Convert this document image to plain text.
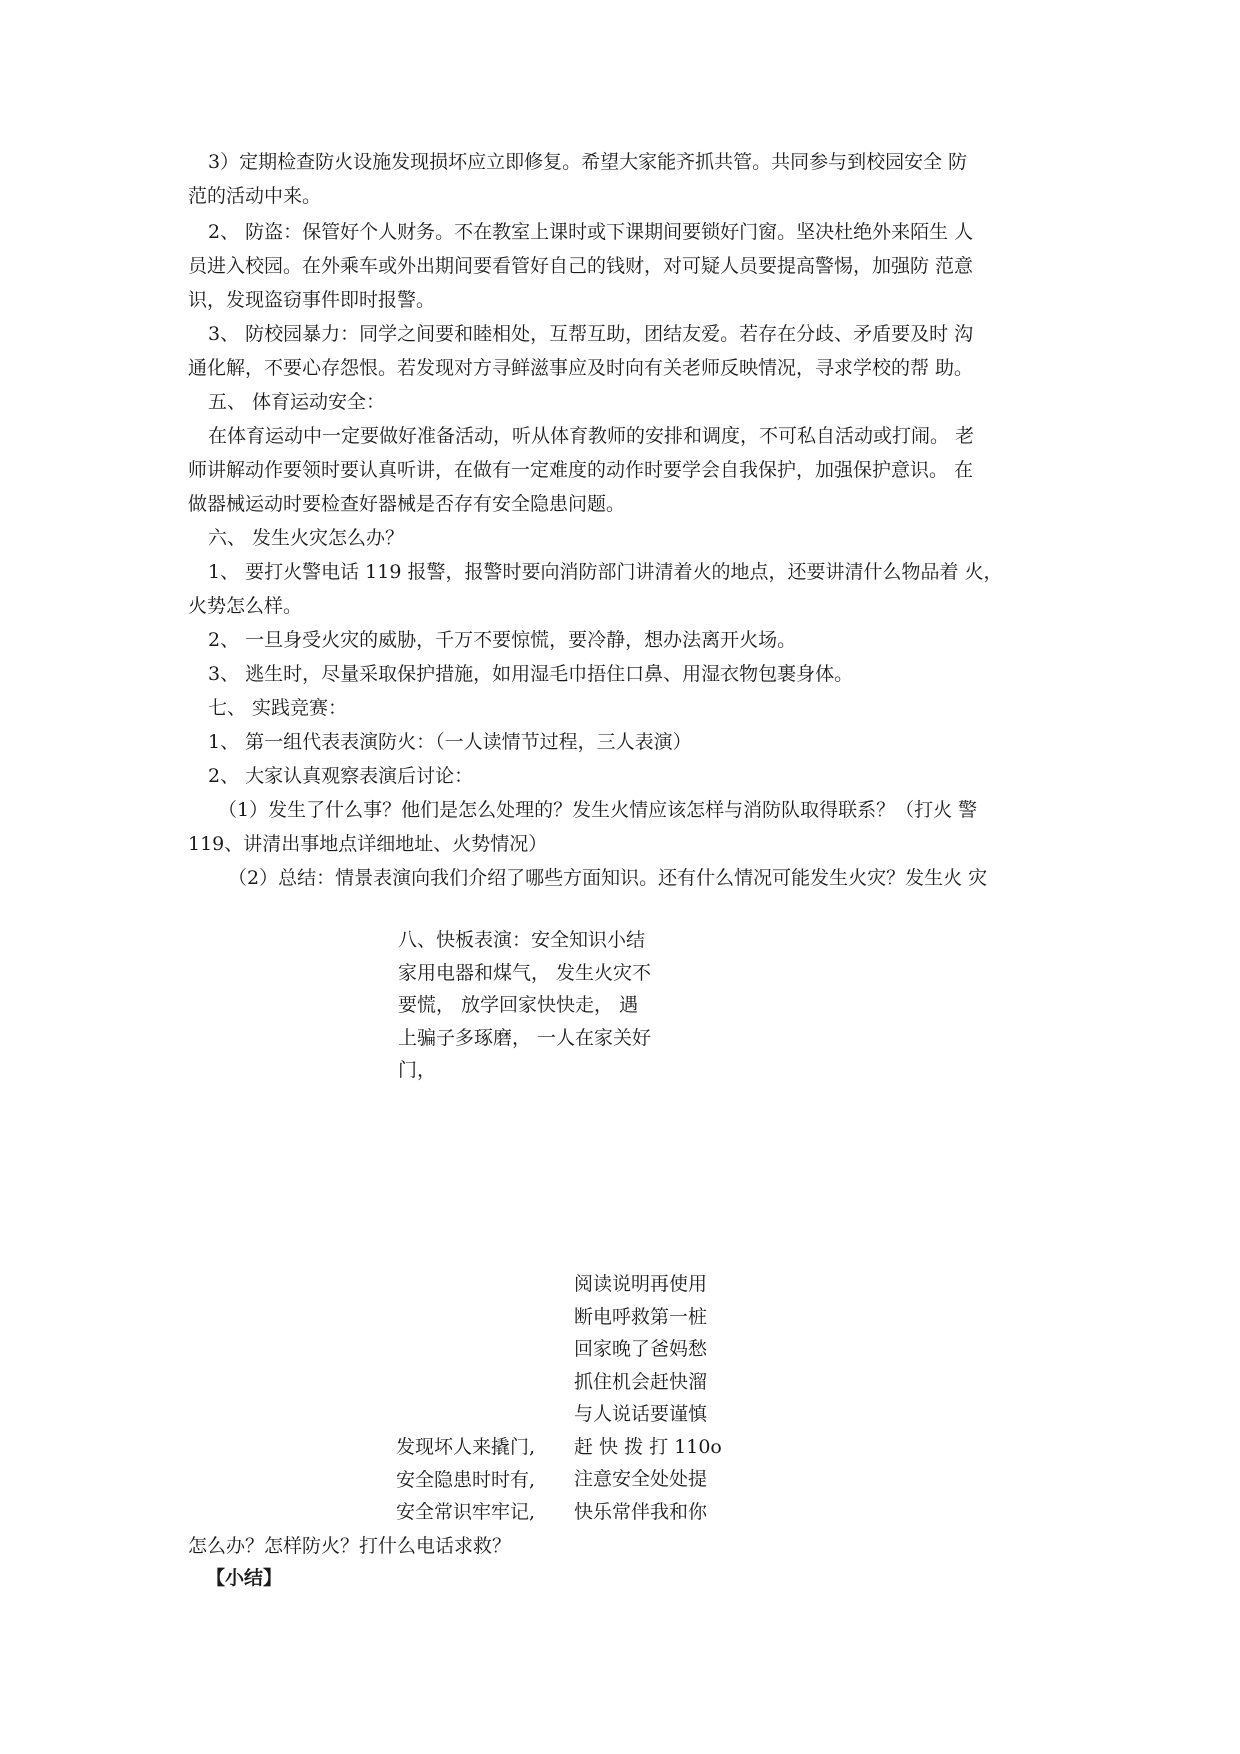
3）定期检查防火设施发现损坏应立即修复。希望大家能齐抓共管。共同参与到校园安全 防
范的活动中来。
2、 防盗：保管好个人财务。不在教室上课时或下课期间要锁好门窗。坚决杜绝外来陌生 人
员进入校园。在外乘车或外出期间要看管好自己的钱财，对可疑人员要提高警惕，加强防 范意
识，发现盗窃事件即时报警。
3、 防校园暴力：同学之间要和睦相处，互帮互助，团结友爱。若存在分歧、矛盾要及时 沟
通化解，不要心存怨恨。若发现对方寻鲜滋事应及时向有关老师反映情况，寻求学校的帮 助。
五、 体育运动安全：
在体育运动中一定要做好准备活动，听从体育教师的安排和调度，不可私自活动或打闹。 老
师讲解动作要领时要认真听讲，在做有一定难度的动作时要学会自我保护，加强保护意识。 在
做器械运动时要检查好器械是否存有安全隐患问题。
六、 发生火灾怎么办？
1、 要打火警电话 119 报警，报警时要向消防部门讲清着火的地点，还要讲清什么物品着 火，
火势怎么样。
2、 一旦身受火灾的威胁，千万不要惊慌，要冷静，想办法离开火场。
3、 逃生时，尽量采取保护措施，如用湿毛巾捂住口鼻、用湿衣物包裹身体。
七、 实践竞赛：
1、 第一组代表表演防火：（一人读情节过程，三人表演）
2、 大家认真观察表演后讨论：
（1）发生了什么事？他们是怎么处理的？发生火情应该怎样与消防队取得联系？（打火 警
119、讲清出事地点详细地址、火势情况）
（2）总结：情景表演向我们介绍了哪些方面知识。还有什么情况可能发生火灾？发生火 灾
八、快板表演：安全知识小结
家用电器和煤气， 发生火灾不
要慌， 放学回家快快走， 遇
上骗子多琢磨， 一人在家关好
门，
阅读说明再使用
断电呼救第一桩
回家晚了爸妈愁
抓住机会赶快溜
与人说话要谨慎
赶 快 拨 打 110o
注意安全处处提
快乐常伴我和你
发现坏人来撬门,
安全隐患时时有,
安全常识牢牢记,
怎么办？怎样防火？打什么电话求救？
【小结】
